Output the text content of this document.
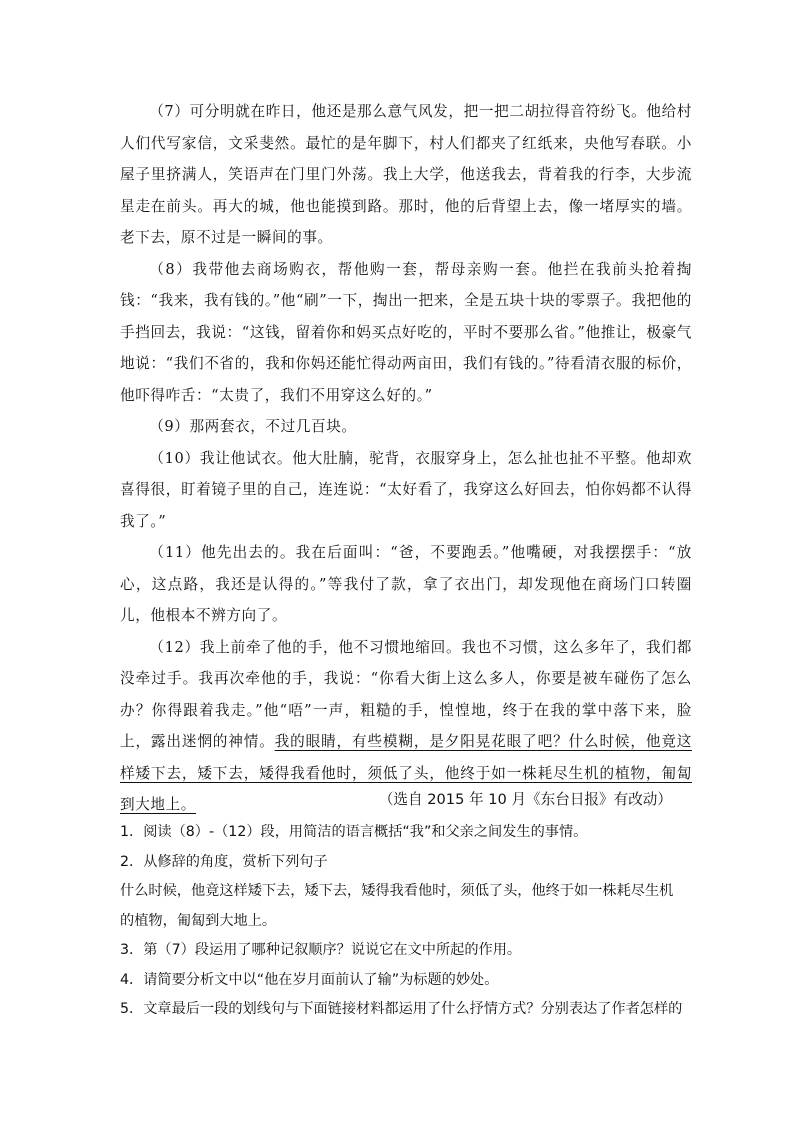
（7）可分明就在昨日，他还是那么意气风发，把一把二胡拉得音符纷飞。他给村人们代写家信，文采斐然。最忙的是年脚下，村人们都夹了红纸来，央他写春联。小屋子里挤满人，笑语声在门里门外荡。我上大学，他送我去，背着我的行李，大步流星走在前头。再大的城，他也能摸到路。那时，他的后背望上去，像一堵厚实的墙。老下去，原不过是一瞬间的事。

（8）我带他去商场购衣，帮他购一套，帮母亲购一套。他拦在我前头抢着掏钱：“我来，我有钱的。”他“刷”一下，掏出一把来，全是五块十块的零票子。我把他的手挡回去，我说：“这钱，留着你和妈买点好吃的，平时不要那么省。”他推让，极豪气地说：“我们不省的，我和你妈还能忙得动两亩田，我们有钱的。”待看清衣服的标价，他吓得咋舌：“太贵了，我们不用穿这么好的。”

（9）那两套衣，不过几百块。

（10）我让他试衣。他大肚腩，驼背，衣服穿身上，怎么扯也扯不平整。他却欢喜得很，盯着镜子里的自己，连连说：“太好看了，我穿这么好回去，怕你妈都不认得我了。”

（11）他先出去的。我在后面叫：“爸，不要跑丢。”他嘴硬，对我摆摆手：“放心，这点路，我还是认得的。”等我付了款，拿了衣出门，却发现他在商场门口转圈儿，他根本不辨方向了。

（12）我上前牵了他的手，他不习惯地缩回。我也不习惯，这么多年了，我们都没牵过手。我再次牵他的手，我说：“你看大街上这么多人，你要是被车碰伤了怎么办？你得跟着我走。”他“唔”一声，粗糙的手，惶惶地，终于在我的掌中落下来，脸上，露出迷惘的神情。我的眼睛，有些模糊，是夕阳晃花眼了吧？什么时候，他竟这样矮下去，矮下去，矮得我看他时，须低了头，他终于如一株耗尽生机的植物，匍匐到大地上。	（选自 2015 年 10 月《东台日报》有改动）

1．阅读（8）-（12）段，用简洁的语言概括“我”和父亲之间发生的事情。

2．从修辞的角度，赏析下列句子

什么时候，他竟这样矮下去，矮下去，矮得我看他时，须低了头，他终于如一株耗尽生机的植物，匍匐到大地上。

3．第（7）段运用了哪种记叙顺序？说说它在文中所起的作用。

4．请简要分析文中以“他在岁月面前认了输”为标题的妙处。

5．文章最后一段的划线句与下面链接材料都运用了什么抒情方式？分别表达了作者怎样的
